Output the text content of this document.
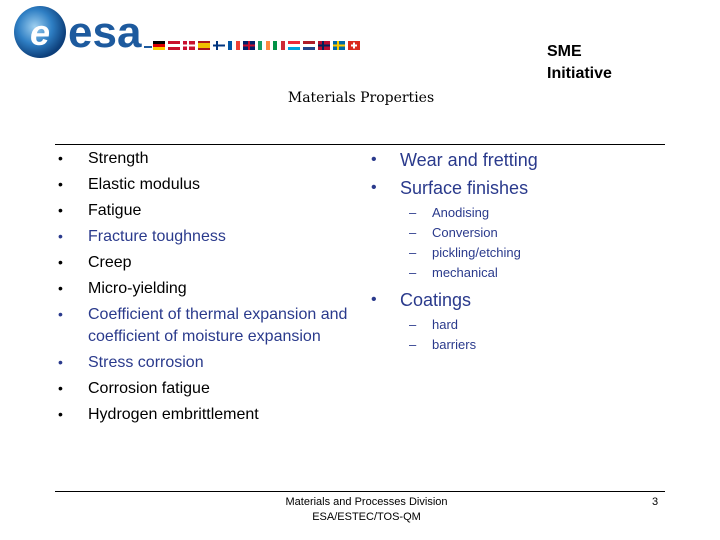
e esa	SME
Initiative
Materials Properties
•	Strength
•	Elastic modulus
•	Fatigue
•	Fracture toughness
•	Creep
•	Micro-yielding
•	Coefficient of thermal expansion and coefficient of moisture expansion
•	Stress corrosion
•	Corrosion fatigue
•	Hydrogen embrittlement
• Wear and fretting
• Surface finishes
– Anodising
– Conversion
– pickling/etching
– mechanical
• Coatings
– hard
– barriers
Materials and Processes Division
ESA/ESTEC/TOS-QM
3
